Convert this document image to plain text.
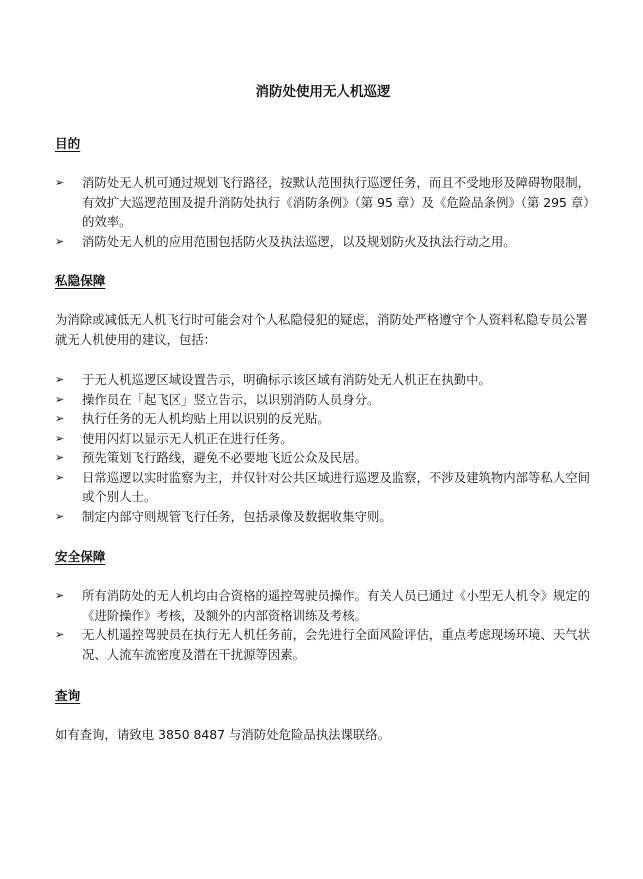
消防处使用无人机巡逻
目的
➢ 消防处无人机可通过规划飞行路径，按默认范围执行巡逻任务，而且不受地形及障碍物限制，有效扩大巡逻范围及提升消防处执行《消防条例》（第 95 章）及《危险品条例》（第 295 章）的效率。
➢ 消防处无人机的应用范围包括防火及执法巡逻，以及规划防火及执法行动之用。
私隐保障

为消除或减低无人机飞行时可能会对个人私隐侵犯的疑虑，消防处严格遵守个人资料私隐专员公署就无人机使用的建议，包括：

➢ 于无人机巡逻区域设置告示，明确标示该区域有消防处无人机正在执勤中。
➢ 操作员在「起飞区」竖立告示，以识别消防人员身分。
➢ 执行任务的无人机均贴上用以识别的反光贴。
➢ 使用闪灯以显示无人机正在进行任务。
➢ 预先策划飞行路线，避免不必要地飞近公众及民居。
➢ 日常巡逻以实时监察为主，并仅针对公共区域进行巡逻及监察，不涉及建筑物内部等私人空间或个别人士。
➢ 制定内部守则规管飞行任务，包括录像及数据收集守则。
安全保障
➢ 所有消防处的无人机均由合资格的遥控驾驶员操作。有关人员已通过《小型无人机令》规定的《进阶操作》考核，及额外的内部资格训练及考核。
➢ 无人机遥控驾驶员在执行无人机任务前，会先进行全面风险评估，重点考虑现场环境、天气状况、人流车流密度及潜在干扰源等因素。
查询

如有查询，请致电 3850 8487 与消防处危险品执法课联络。
